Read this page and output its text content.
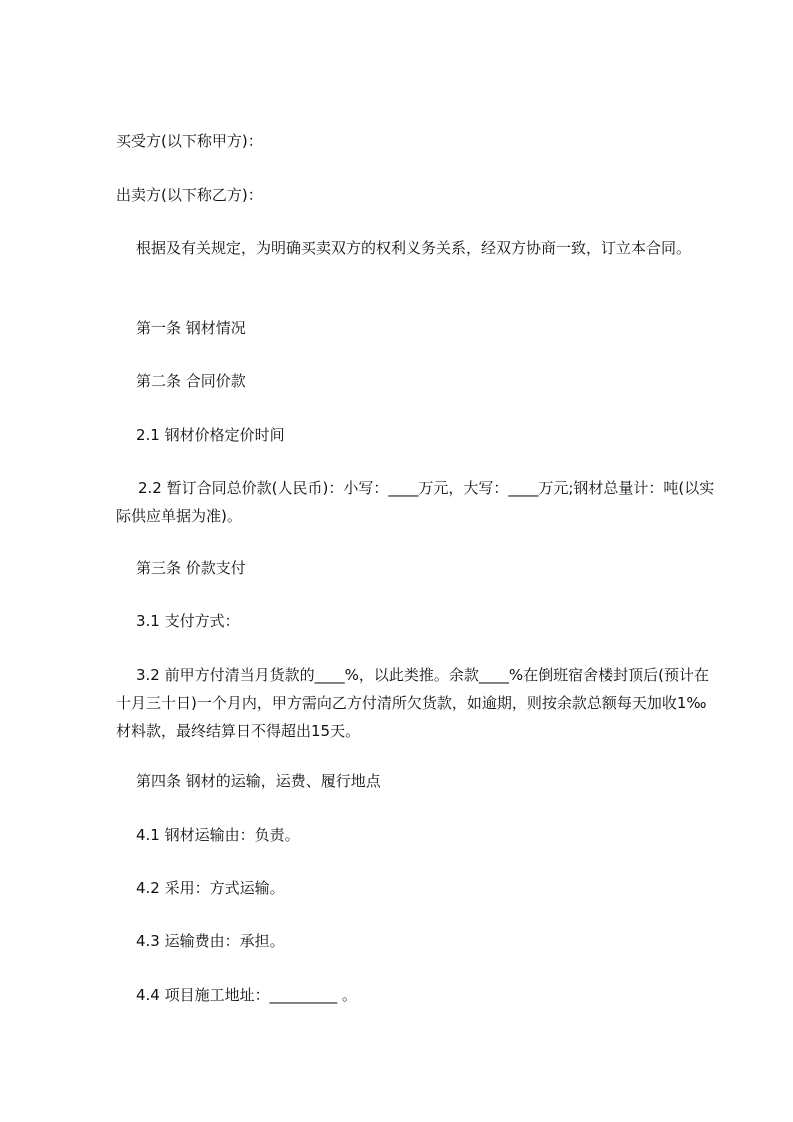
买受方(以下称甲方)：

出卖方(以下称乙方)：

根据及有关规定，为明确买卖双方的权利义务关系，经双方协商一致，订立本合同。

第一条 钢材情况

第二条 合同价款

2.1 钢材价格定价时间

2.2 暂订合同总价款(人民币)：小写：____万元，大写：____万元;钢材总量计：吨(以实际供应单据为准)。

第三条 价款支付

3.1 支付方式：

3.2 前甲方付清当月货款的____%，以此类推。余款____%在倒班宿舍楼封顶后(预计在十月三十日)一个月内，甲方需向乙方付清所欠货款，如逾期，则按余款总额每天加收1‰材料款，最终结算日不得超出15天。

第四条 钢材的运输，运费、履行地点

4.1 钢材运输由：负责。

4.2 采用：方式运输。

4.3 运输费由：承担。

4.4 项目施工地址：_________ 。
